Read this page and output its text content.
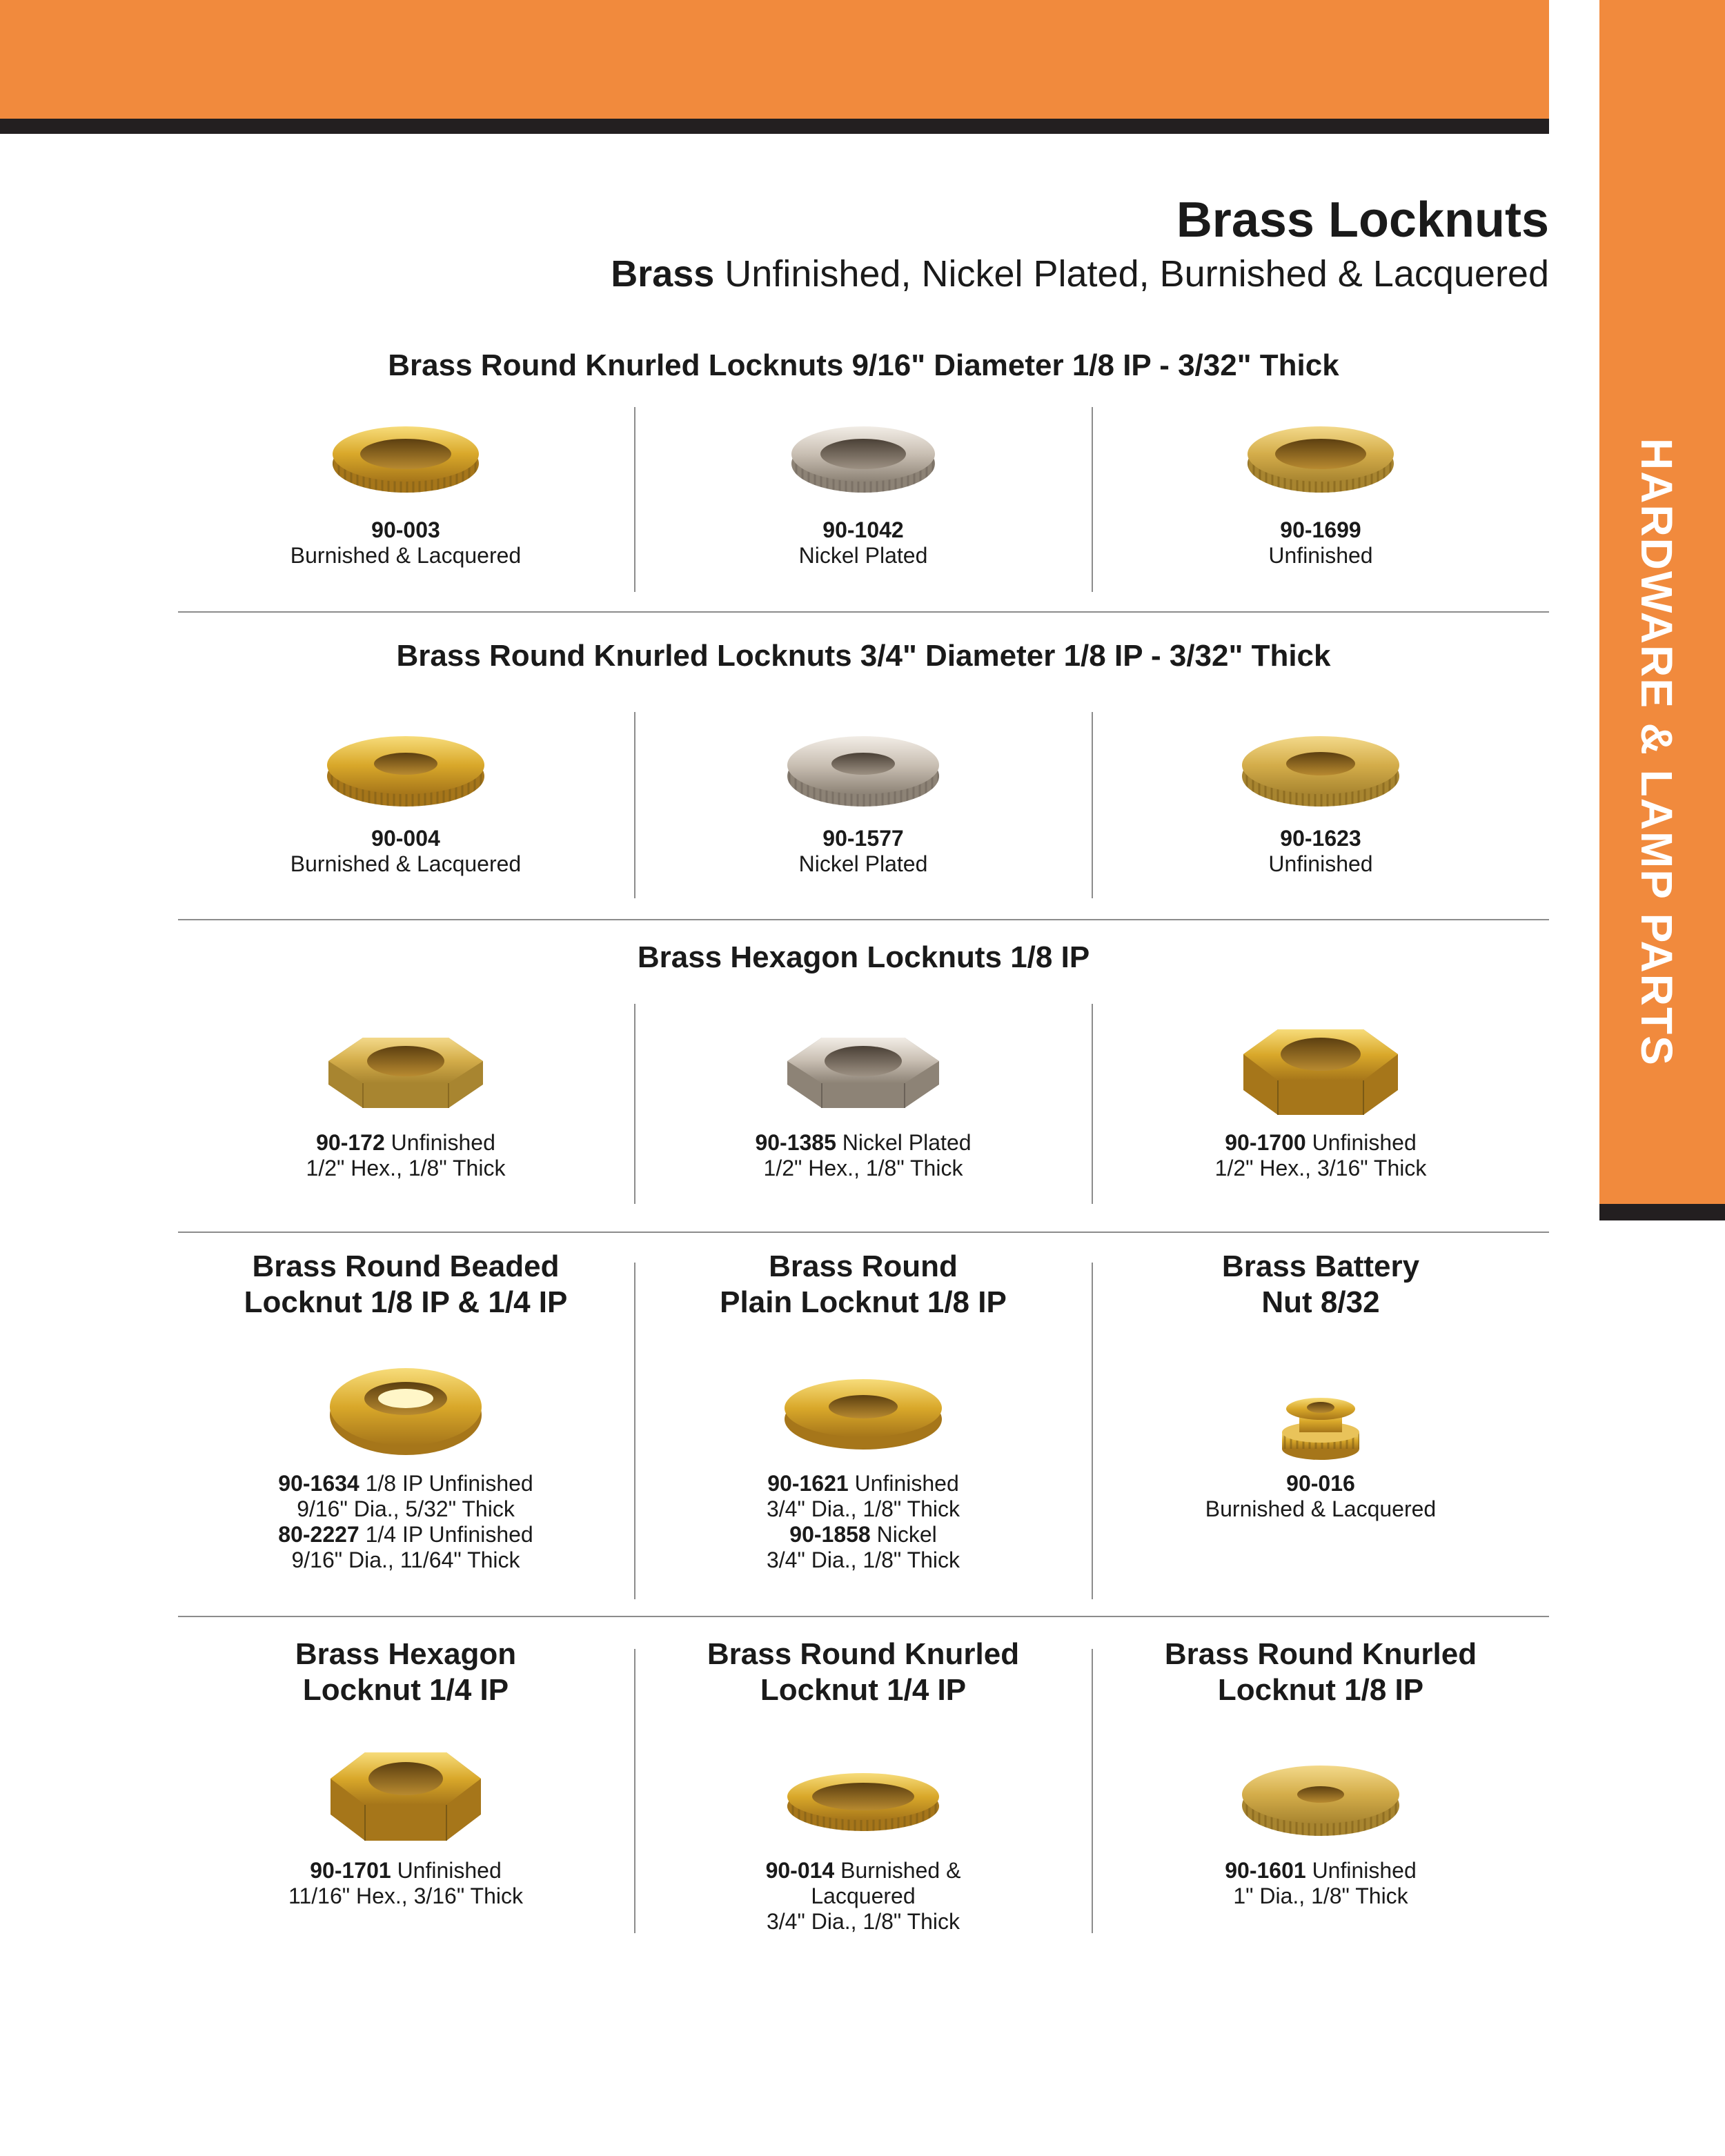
HARDWARE & LAMP PARTS
Brass Locknuts
Brass Unfinished, Nickel Plated, Burnished & Lacquered
Brass Round Knurled Locknuts 9/16" Diameter 1/8 IP - 3/32" Thick
90-003
Burnished & Lacquered
90-1042
Nickel Plated
90-1699
Unfinished
Brass Round Knurled Locknuts 3/4" Diameter 1/8 IP - 3/32" Thick
90-004
Burnished & Lacquered
90-1577
Nickel Plated
90-1623
Unfinished
Brass Hexagon Locknuts 1/8 IP
90-172 Unfinished
1/2" Hex., 1/8" Thick
90-1385 Nickel Plated
1/2" Hex., 1/8" Thick
90-1700 Unfinished
1/2" Hex., 3/16" Thick
Brass Round Beaded
Locknut 1/8 IP & 1/4 IP
90-1634 1/8 IP Unfinished
9/16" Dia., 5/32" Thick
80-2227 1/4 IP Unfinished
9/16" Dia., 11/64" Thick
Brass Round
Plain Locknut 1/8 IP
90-1621 Unfinished
3/4" Dia., 1/8" Thick
90-1858 Nickel
3/4" Dia., 1/8" Thick
Brass Battery
Nut 8/32
90-016
Burnished & Lacquered
Brass Hexagon
Locknut 1/4 IP
90-1701 Unfinished
11/16" Hex., 3/16" Thick
Brass Round Knurled
Locknut 1/4 IP
90-014 Burnished &
Lacquered
3/4" Dia., 1/8" Thick
Brass Round Knurled
Locknut 1/8 IP
90-1601 Unfinished
1" Dia., 1/8" Thick
